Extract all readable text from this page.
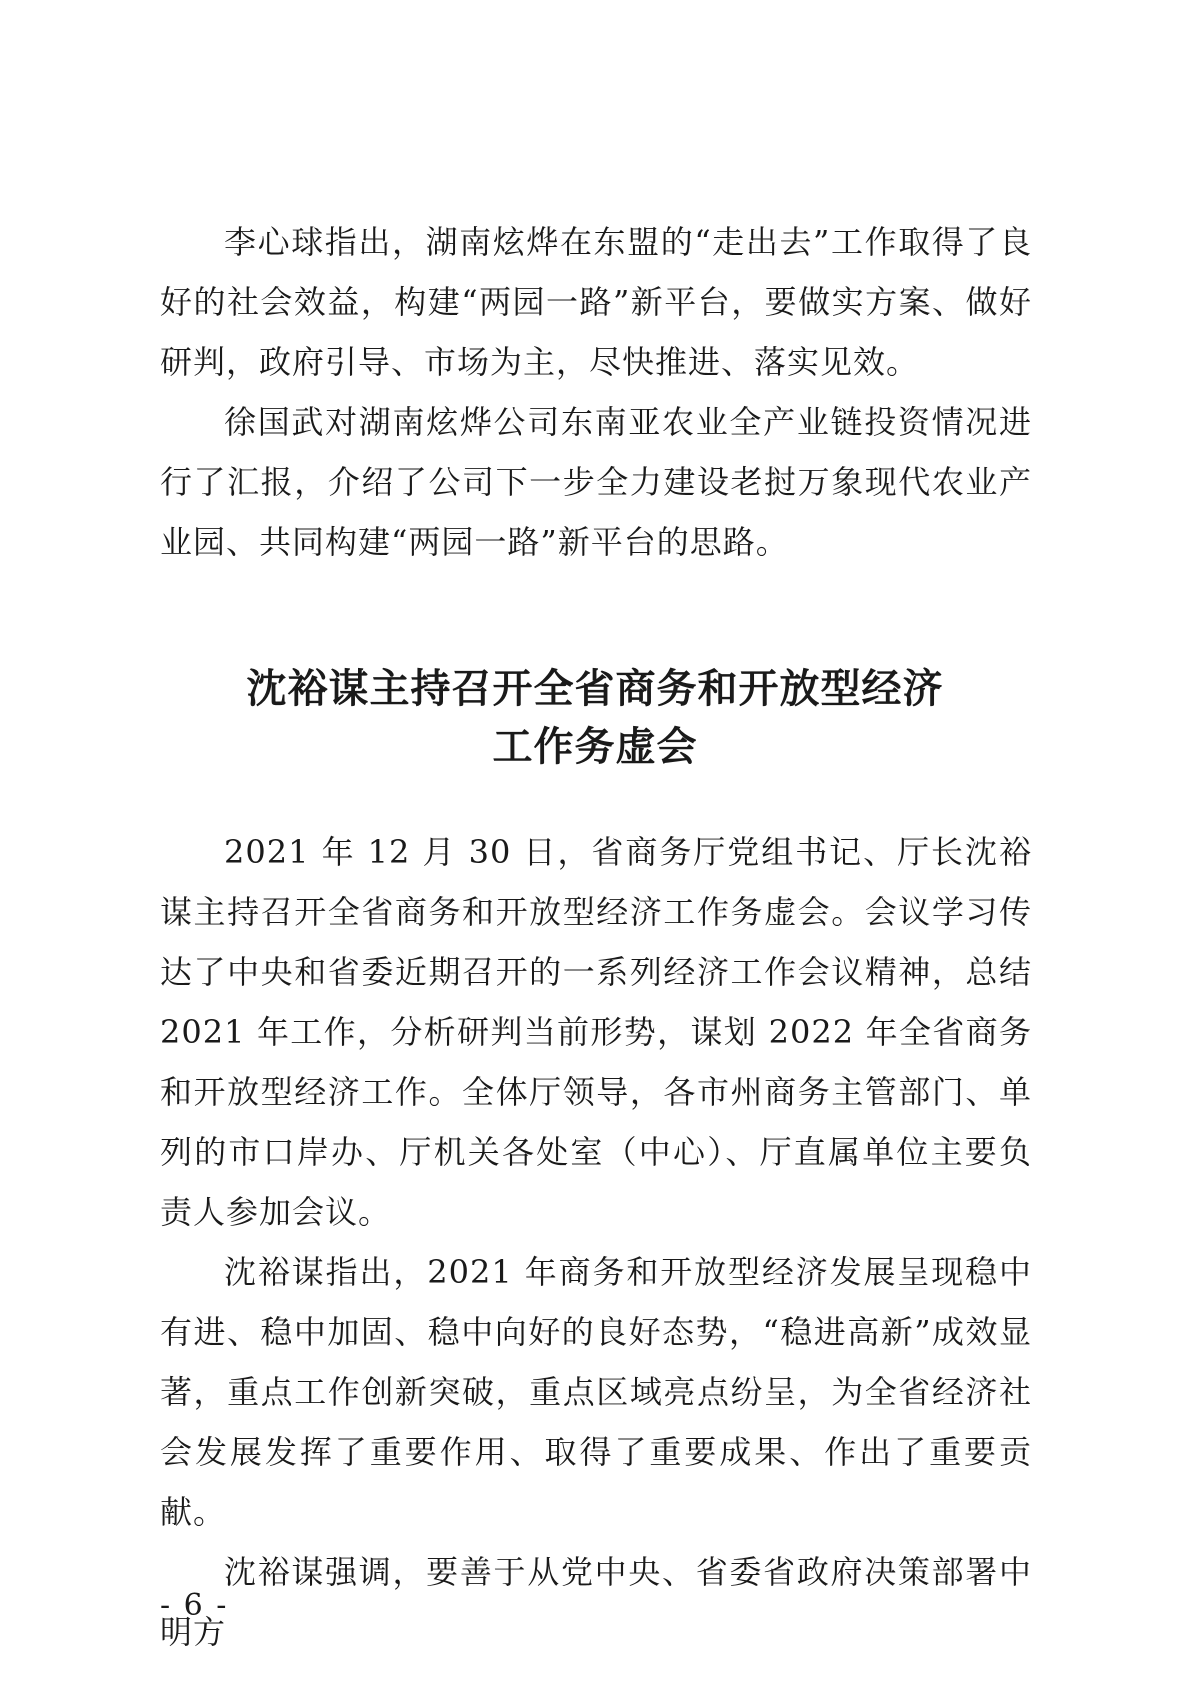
李心球指出，湖南炫烨在东盟的“走出去”工作取得了良好的社会效益，构建“两园一路”新平台，要做实方案、做好研判，政府引导、市场为主，尽快推进、落实见效。

徐国武对湖南炫烨公司东南亚农业全产业链投资情况进行了汇报，介绍了公司下一步全力建设老挝万象现代农业产业园、共同构建“两园一路”新平台的思路。

沈裕谋主持召开全省商务和开放型经济
工作务虚会

2021 年 12 月 30 日，省商务厅党组书记、厅长沈裕谋主持召开全省商务和开放型经济工作务虚会。会议学习传达了中央和省委近期召开的一系列经济工作会议精神，总结 2021 年工作，分析研判当前形势，谋划 2022 年全省商务和开放型经济工作。全体厅领导，各市州商务主管部门、单列的市口岸办、厅机关各处室（中心）、厅直属单位主要负责人参加会议。

沈裕谋指出，2021 年商务和开放型经济发展呈现稳中有进、稳中加固、稳中向好的良好态势，“稳进高新”成效显著，重点工作创新突破，重点区域亮点纷呈，为全省经济社会发展发挥了重要作用、取得了重要成果、作出了重要贡献。

沈裕谋强调，要善于从党中央、省委省政府决策部署中明方

- 6 -
